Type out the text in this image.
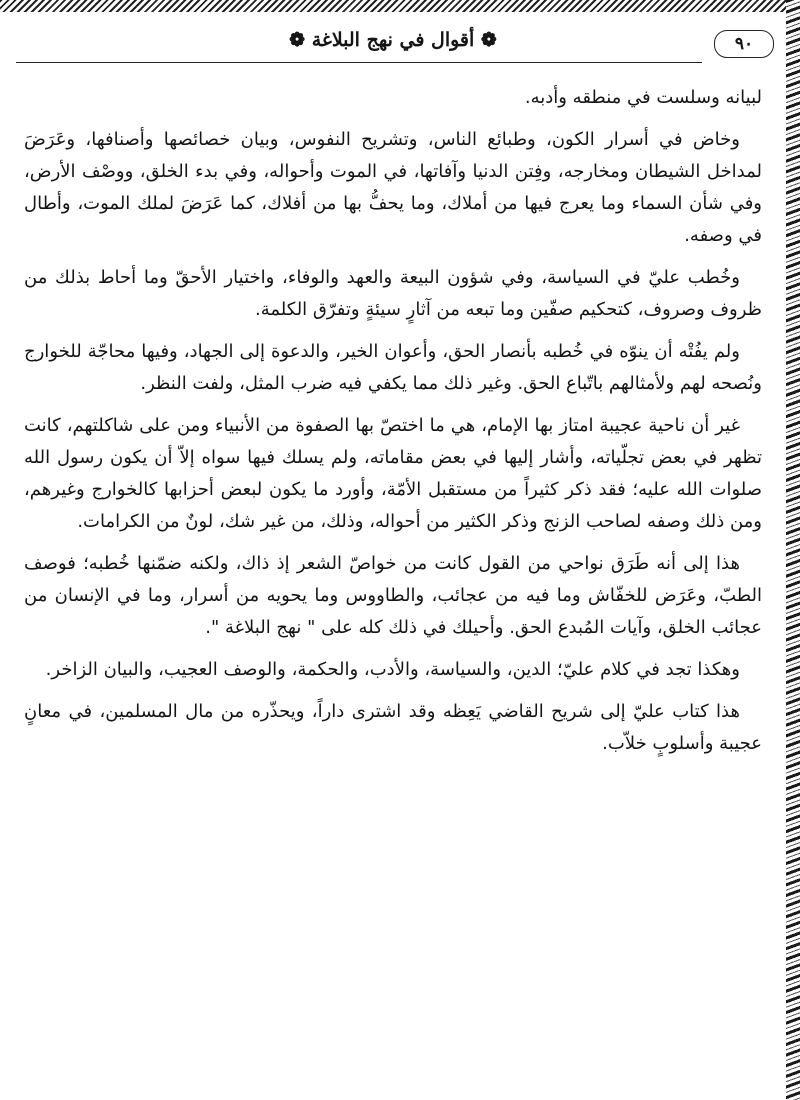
٩٠
❁ أقوال في نهج البلاغة ❁

لبيانه وسلست في منطقه وأدبه.

وخاض في أسرار الكون، وطبائع الناس، وتشريح النفوس، وبيان خصائصها وأصنافها، وعَرَضَ لمداخل الشيطان ومخارجه، وفِتن الدنيا وآفاتها، في الموت وأحواله، وفي بدء الخلق، ووصْف الأرض، وفي شأن السماء وما يعرج فيها من أملاك، وما يحفُّ بها من أفلاك، كما عَرَضَ لملك الموت، وأطال في وصفه.

وخُطب عليّ في السياسة، وفي شؤون البيعة والعهد والوفاء، واختيار الأحقّ وما أحاط بذلك من ظروف وصروف، كتحكيم صفّين وما تبعه من آثارٍ سيئةٍ وتفرّق الكلمة.

ولم يفُتْه أن ينوّه في خُطبه بأنصار الحق، وأعوان الخير، والدعوة إلى الجهاد، وفيها محاجّة للخوارج ونُصحه لهم ولأمثالهم باتّباع الحق. وغير ذلك مما يكفي فيه ضرب المثل، ولفت النظر.

غير أن ناحية عجيبة امتاز بها الإمام، هي ما اختصّ بها الصفوة من الأنبياء ومن على شاكلتهم، كانت تظهر في بعض تجلّياته، وأشار إليها في بعض مقاماته، ولم يسلك فيها سواه إلاّ أن يكون رسول الله صلوات الله عليه؛ فقد ذكر كثيراً من مستقبل الأمّة، وأورد ما يكون لبعض أحزابها كالخوارج وغيرهم، ومن ذلك وصفه لصاحب الزنج وذكر الكثير من أحواله، وذلك، من غير شك، لونٌ من الكرامات.

هذا إلى أنه طَرَق نواحي من القول كانت من خواصّ الشعر إذ ذاك، ولكنه ضمّنها خُطبه؛ فوصف الطبّ، وعَرَض للخفّاش وما فيه من عجائب، والطاووس وما يحويه من أسرار، وما في الإنسان من عجائب الخلق، وآيات المُبدع الحق. وأحيلك في ذلك كله على " نهج البلاغة ".

وهكذا تجد في كلام عليّ؛ الدين، والسياسة، والأدب، والحكمة، والوصف العجيب، والبيان الزاخر.

هذا كتاب عليّ إلى شريح القاضي يَعِظه وقد اشترى داراً، ويحذّره من مال المسلمين، في معانٍ عجيبة وأسلوبٍ خلاّب.
